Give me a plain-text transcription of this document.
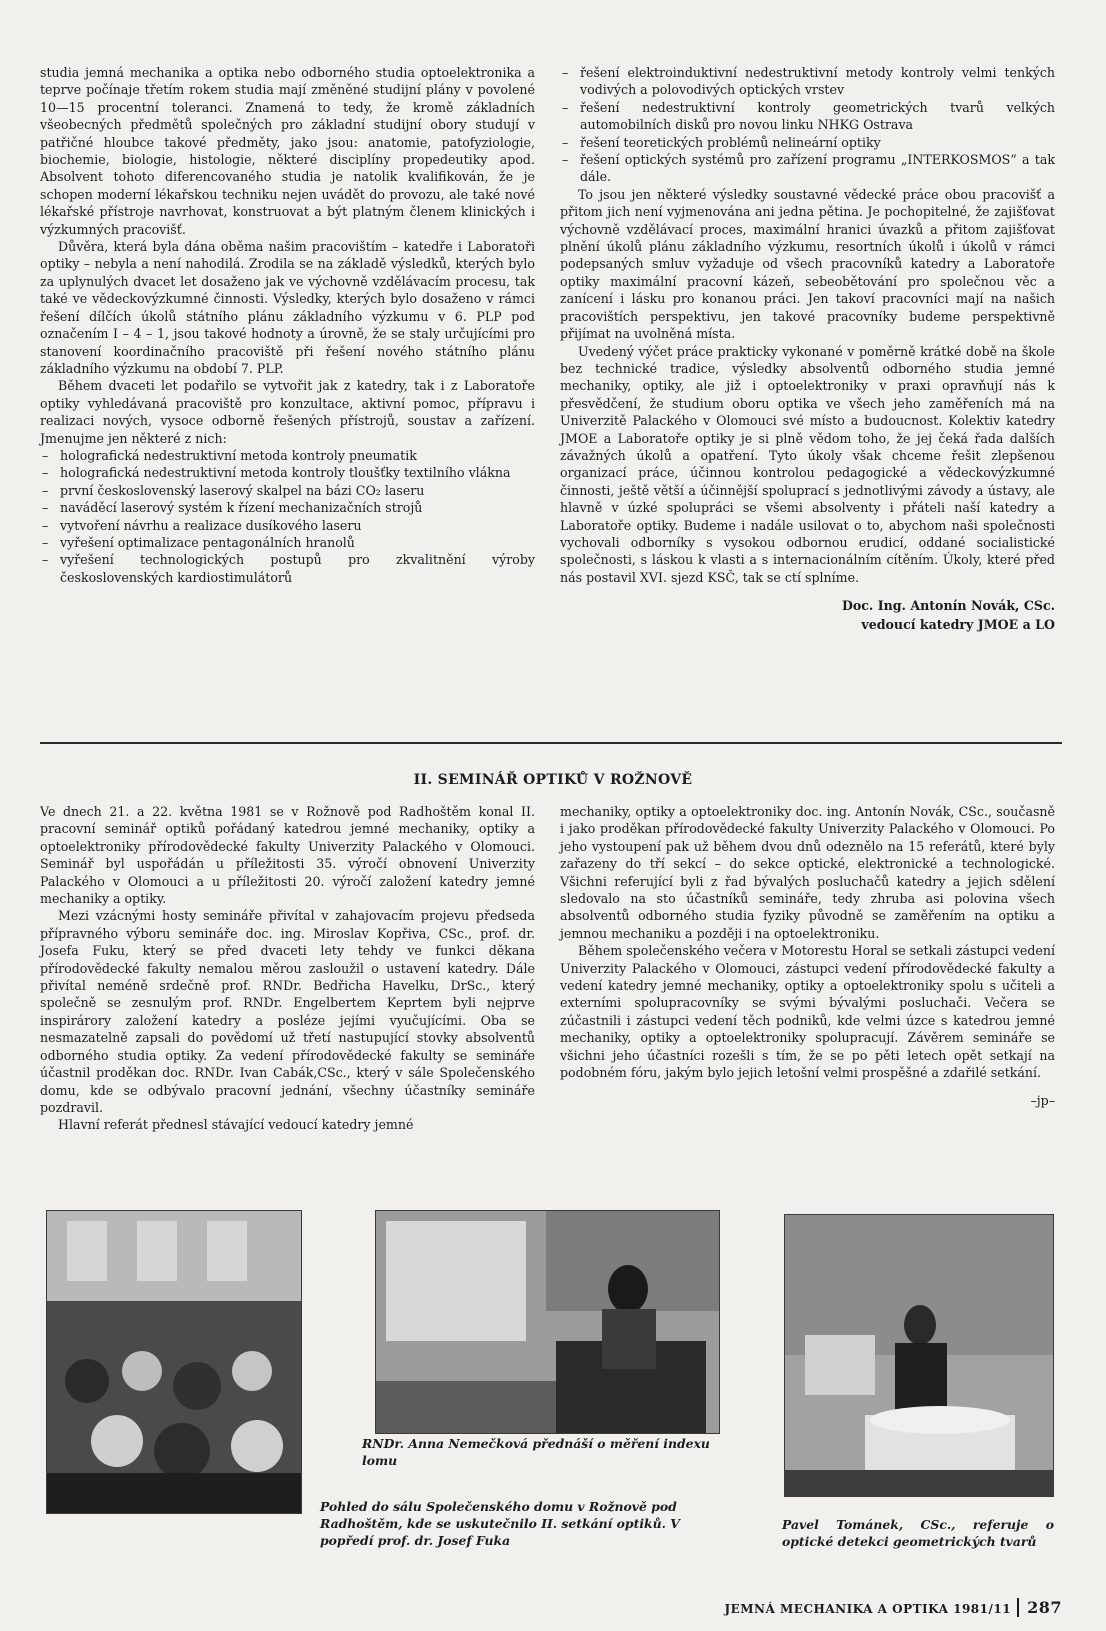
studia jemná mechanika a optika nebo odborného studia optoelektronika a teprve počínaje třetím rokem studia mají změněné studijní plány v povolené 10—15 procentní toleranci. Znamená to tedy, že kromě základních všeobecných předmětů společných pro základní studijní obory studují v patřičné hloubce takové předměty, jako jsou: anatomie, patofyziologie, biochemie, biologie, histologie, některé disciplíny propedeutiky apod. Absolvent tohoto diferencovaného studia je natolik kvalifikován, že je schopen moderní lékařskou techniku nejen uvádět do provozu, ale také nové lékařské přístroje navrhovat, konstruovat a být platným členem klinických i výzkumných pracovišť.

Důvěra, která byla dána oběma našim pracovištím – katedře i Laboratoři optiky – nebyla a není nahodilá. Zrodila se na základě výsledků, kterých bylo za uplynulých dvacet let dosaženo jak ve výchovně vzdělávacím procesu, tak také ve vědeckovýzkumné činnosti. Výsledky, kterých bylo dosaženo v rámci řešení dílčích úkolů státního plánu základního výzkumu v 6. PLP pod označením I – 4 – 1, jsou takové hodnoty a úrovně, že se staly určujícími pro stanovení koordinačního pracoviště při řešení nového státního plánu základního výzkumu na období 7. PLP.

Během dvaceti let podařilo se vytvořit jak z katedry, tak i z Laboratoře optiky vyhledávaná pracoviště pro konzultace, aktivní pomoc, přípravu i realizaci nových, vysoce odborně řešených přístrojů, soustav a zařízení. Jmenujme jen některé z nich:

– holografická nedestruktivní metoda kontroly pneumatik
– holografická nedestruktivní metoda kontroly tloušťky textilního vlákna
– první československý laserový skalpel na bázi CO₂ laseru
– naváděcí laserový systém k řízení mechanizačních strojů
– vytvoření návrhu a realizace dusíkového laseru
– vyřešení optimalizace pentagonálních hranolů
– vyřešení technologických postupů pro zkvalitnění výroby československých kardiostimulátorů
– řešení elektroinduktivní nedestruktivní metody kontroly velmi tenkých vodivých a polovodivých optických vrstev
– řešení nedestruktivní kontroly geometrických tvarů velkých automobilních disků pro novou linku NHKG Ostrava
– řešení teoretických problémů nelineární optiky
– řešení optických systémů pro zařízení programu „INTERKOSMOS“ a tak dále.

To jsou jen některé výsledky soustavné vědecké práce obou pracovišť a přitom jich není vyjmenována ani jedna pětina. Je pochopitelné, že zajišťovat výchovně vzdělávací proces, maximální hranici úvazků a přitom zajišťovat plnění úkolů plánu základního výzkumu, resortních úkolů i úkolů v rámci podepsaných smluv vyžaduje od všech pracovníků katedry a Laboratoře optiky maximální pracovní kázeň, sebeobětování pro společnou věc a zanícení i lásku pro konanou práci. Jen takoví pracovníci mají na našich pracovištích perspektivu, jen takové pracovníky budeme perspektivně přijímat na uvolněná místa.

Uvedený výčet práce prakticky vykonané v poměrně krátké době na škole bez technické tradice, výsledky absolventů odborného studia jemné mechaniky, optiky, ale již i optoelektroniky v praxi opravňují nás k přesvědčení, že studium oboru optika ve všech jeho zaměřeních má na Univerzitě Palackého v Olomouci své místo a budoucnost. Kolektiv katedry JMOE a Laboratoře optiky je si plně vědom toho, že jej čeká řada dalších závažných úkolů a opatření. Tyto úkoly však chceme řešit zlepšenou organizací práce, účinnou kontrolou pedagogické a vědeckovýzkumné činnosti, ještě větší a účinnější spoluprací s jednotlivými závody a ústavy, ale hlavně v úzké spolupráci se všemi absolventy i přáteli naší katedry a Laboratoře optiky. Budeme i nadále usilovat o to, abychom naši společnosti vychovali odborníky s vysokou odbornou erudicí, oddané socialistické společnosti, s láskou k vlasti a s internacionálním cítěním. Úkoly, které před nás postavil XVI. sjezd KSČ, tak se ctí splníme.

Doc. Ing. Antonín Novák, CSc.
vedoucí katedry JMOE a LO
II. SEMINÁŘ OPTIKŮ V ROŽNOVĚ

Ve dnech 21. a 22. května 1981 se v Rožnově pod Radhoštěm konal II. pracovní seminář optiků pořádaný katedrou jemné mechaniky, optiky a optoelektroniky přírodovědecké fakulty Univerzity Palackého v Olomouci. Seminář byl uspořádán u příležitosti 35. výročí obnovení Univerzity Palackého v Olomouci a u příležitosti 20. výročí založení katedry jemné mechaniky a optiky.

Mezi vzácnými hosty semináře přivítal v zahajovacím projevu předseda přípravného výboru semináře doc. ing. Miroslav Kopřiva, CSc., prof. dr. Josefa Fuku, který se před dvaceti lety tehdy ve funkci děkana přírodovědecké fakulty nemalou měrou zasloužil o ustavení katedry. Dále přivítal neméně srdečně prof. RNDr. Bedřicha Havelku, DrSc., který společně se zesnulým prof. RNDr. Engelbertem Keprtem byli nejprve inspirárory založení katedry a posléze jejími vyučujícími. Oba se nesmazatelně zapsali do povědomí už třetí nastupující stovky absolventů odborného studia optiky. Za vedení přírodovědecké fakulty se semináře účastnil proděkan doc. RNDr. Ivan Cabák,CSc., který v sále Společenského domu, kde se odbývalo pracovní jednání, všechny účastníky semináře pozdravil.

Hlavní referát přednesl stávající vedoucí katedry jemné

mechaniky, optiky a optoelektroniky doc. ing. Antonín Novák, CSc., současně i jako proděkan přírodovědecké fakulty Univerzity Palackého v Olomouci. Po jeho vystoupení pak už během dvou dnů odeznělo na 15 referátů, které byly zařazeny do tří sekcí – do sekce optické, elektronické a technologické. Všichni referující byli z řad bývalých posluchačů katedry a jejich sdělení sledovalo na sto účastníků semináře, tedy zhruba asi polovina všech absolventů odborného studia fyziky původně se zaměřením na optiku a jemnou mechaniku a později i na optoelektroniku.

Během společenského večera v Motorestu Horal se setkali zástupci vedení Univerzity Palackého v Olomouci, zástupci vedení přírodovědecké fakulty a vedení katedry jemné mechaniky, optiky a optoelektroniky spolu s učiteli a externími spolupracovníky se svými bývalými posluchači. Večera se zúčastnili i zástupci vedení těch podniků, kde velmi úzce s katedrou jemné mechaniky, optiky a optoelektroniky spolupracují. Závěrem semináře se všichni jeho účastníci rozešli s tím, že se po pěti letech opět setkají na podobném fóru, jakým bylo jejich letošní velmi prospěšné a zdařilé setkání.

–jp–
Pohled do sálu Společenského domu v Rožnově pod Radhoštěm, kde se uskutečnilo II. setkání optiků. V popředí prof. dr. Josef Fuka
RNDr. Anna Nemečková přednáší o měření indexu lomu
Pavel Tománek, CSc., referuje o optické detekci geometrických tvarů
JEMNÁ MECHANIKA A OPTIKA 1981/11 287
